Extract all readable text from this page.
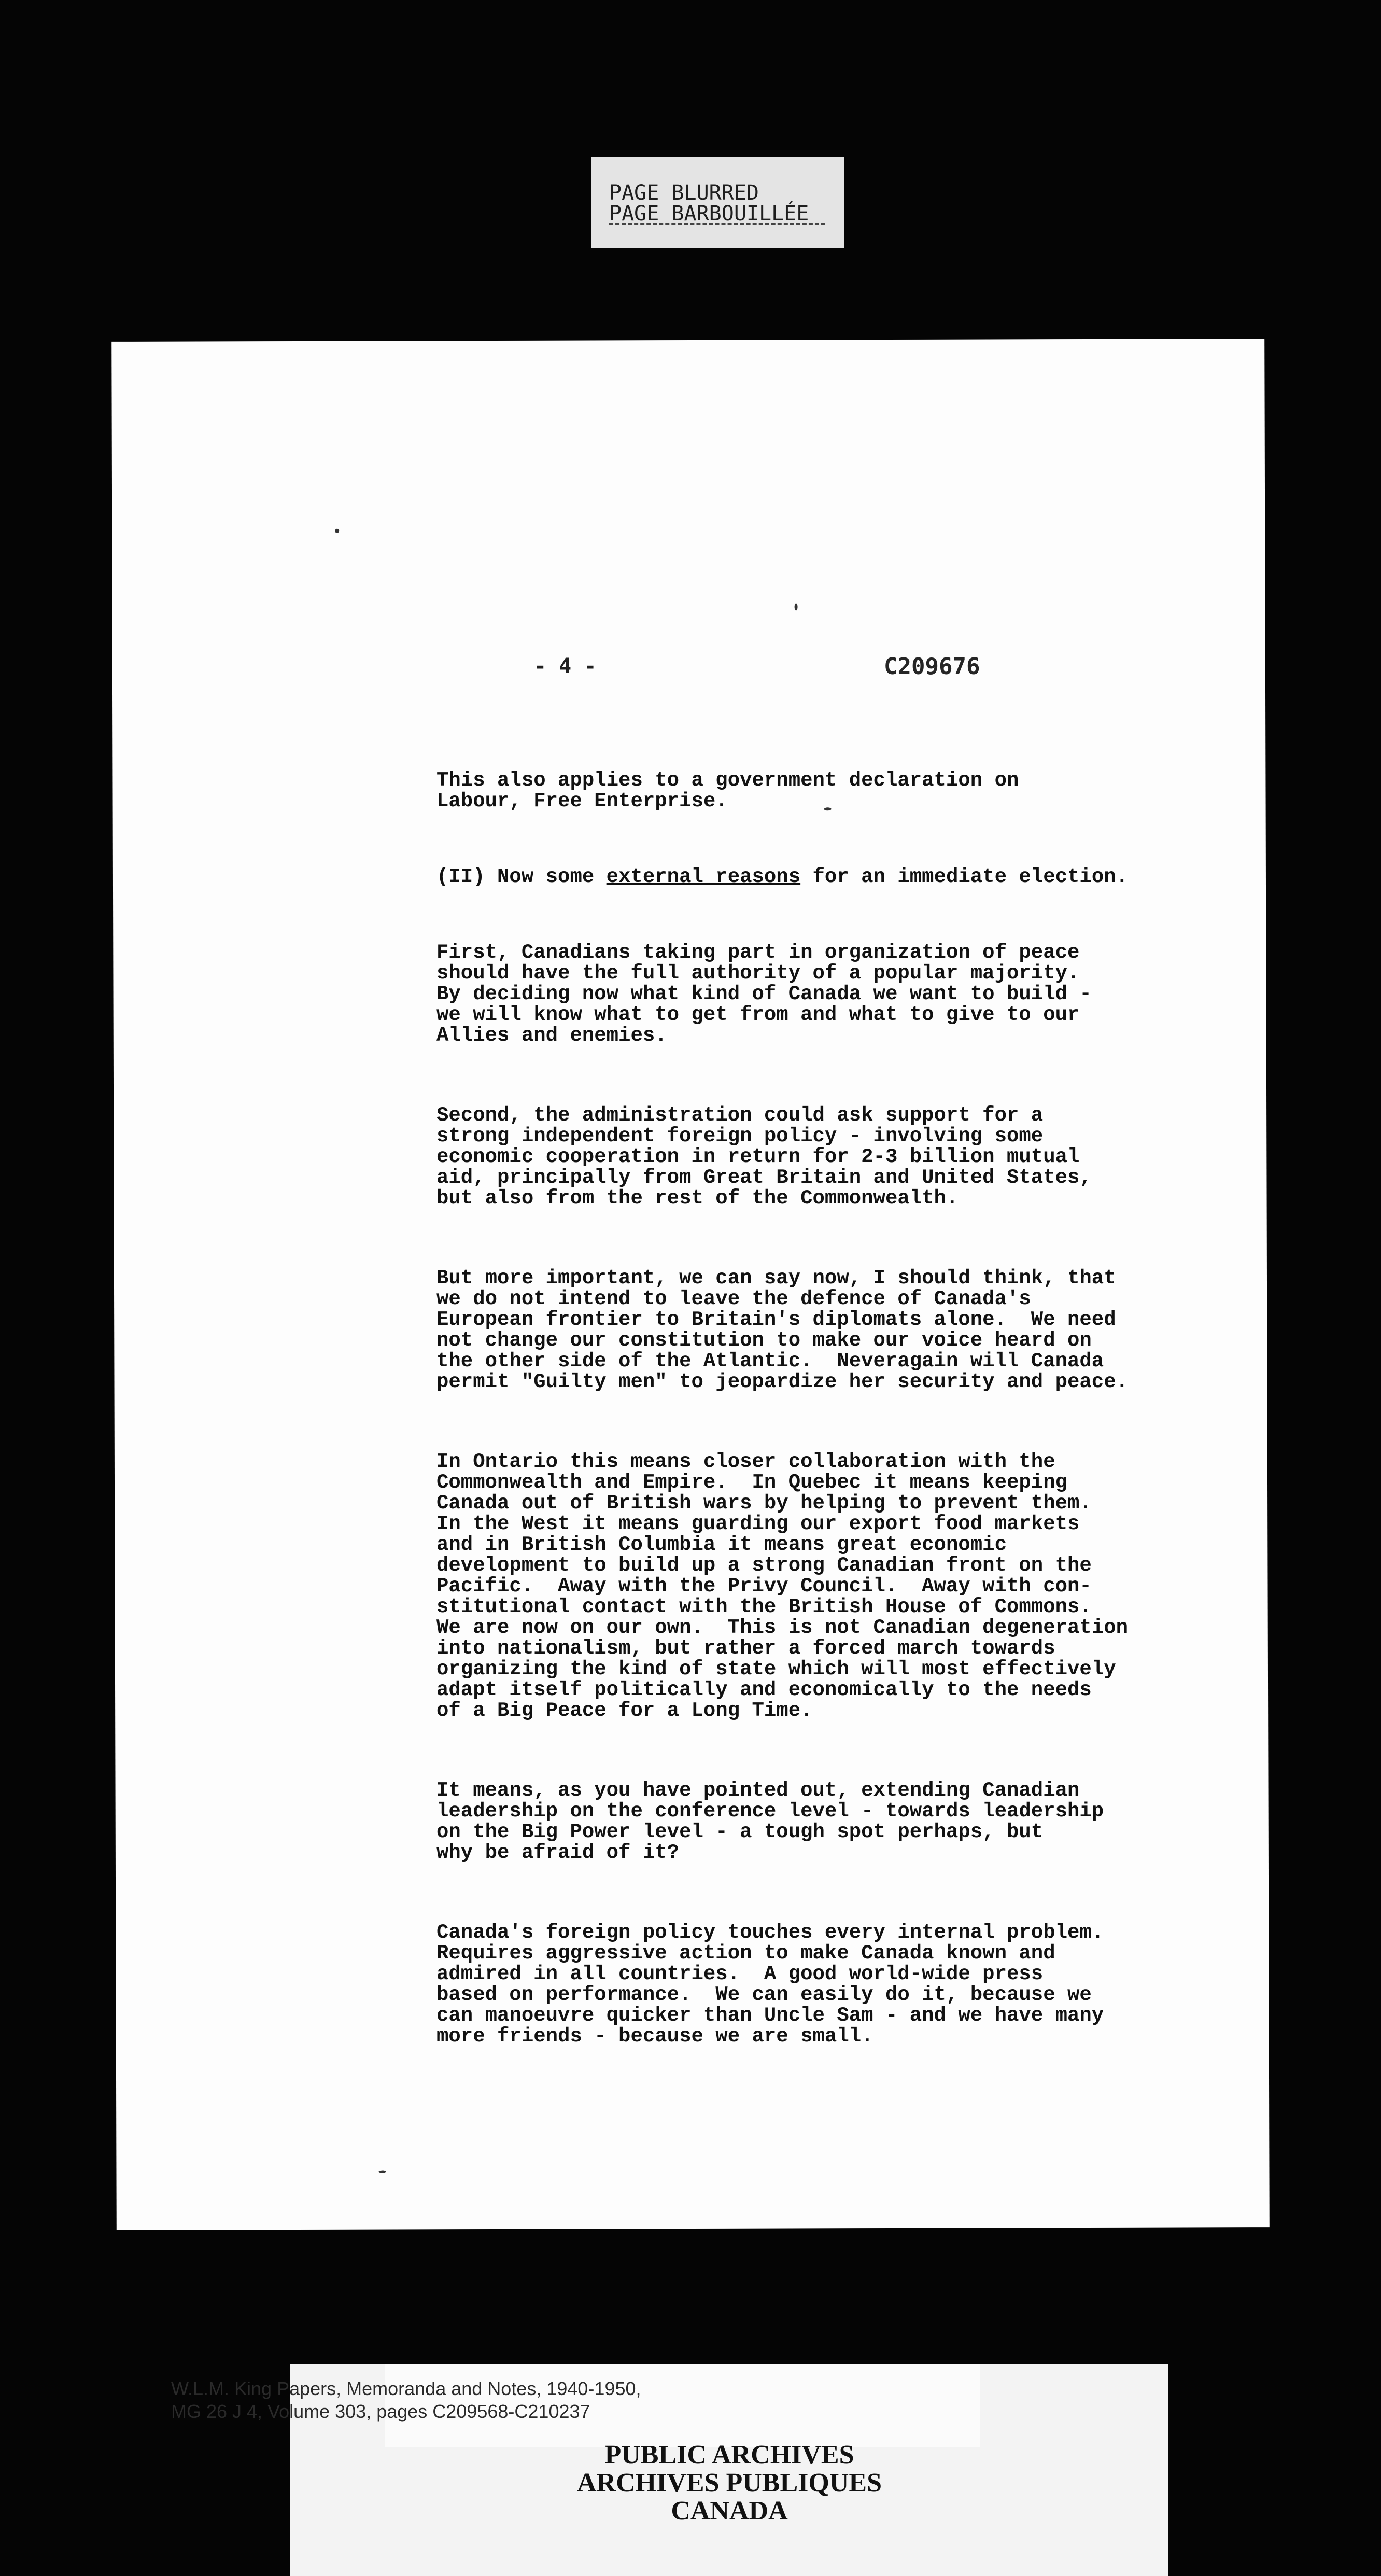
PAGE BLURRED
PAGE BARBOUILLÉE
- 4 -	C209676

This also applies to a government declaration on
Labour, Free Enterprise.

(II) Now some external reasons for an immediate election.

First, Canadians taking part in organization of peace
should have the full authority of a popular majority.
By deciding now what kind of Canada we want to build -
we will know what to get from and what to give to our
Allies and enemies.

Second, the administration could ask support for a
strong independent foreign policy - involving some
economic cooperation in return for 2-3 billion mutual
aid, principally from Great Britain and United States,
but also from the rest of the Commonwealth.

But more important, we can say now, I should think, that
we do not intend to leave the defence of Canada's
European frontier to Britain's diplomats alone.  We need
not change our constitution to make our voice heard on
the other side of the Atlantic.  Neveragain will Canada
permit "Guilty men" to jeopardize her security and peace.

In Ontario this means closer collaboration with the
Commonwealth and Empire.  In Quebec it means keeping
Canada out of British wars by helping to prevent them.
In the West it means guarding our export food markets
and in British Columbia it means great economic
development to build up a strong Canadian front on the
Pacific.  Away with the Privy Council.  Away with con-
stitutional contact with the British House of Commons.
We are now on our own.  This is not Canadian degeneration
into nationalism, but rather a forced march towards
organizing the kind of state which will most effectively
adapt itself politically and economically to the needs
of a Big Peace for a Long Time.

It means, as you have pointed out, extending Canadian
leadership on the conference level - towards leadership
on the Big Power level - a tough spot perhaps, but
why be afraid of it?

Canada's foreign policy touches every internal problem.
Requires aggressive action to make Canada known and
admired in all countries.  A good world-wide press
based on performance.  We can easily do it, because we
can manoeuvre quicker than Uncle Sam - and we have many
more friends - because we are small.

W.L.M. King Papers, Memoranda and Notes, 1940-1950,
MG 26 J 4, Volume 303, pages C209568-C210237
PUBLIC ARCHIVES
ARCHIVES PUBLIQUES
CANADA
